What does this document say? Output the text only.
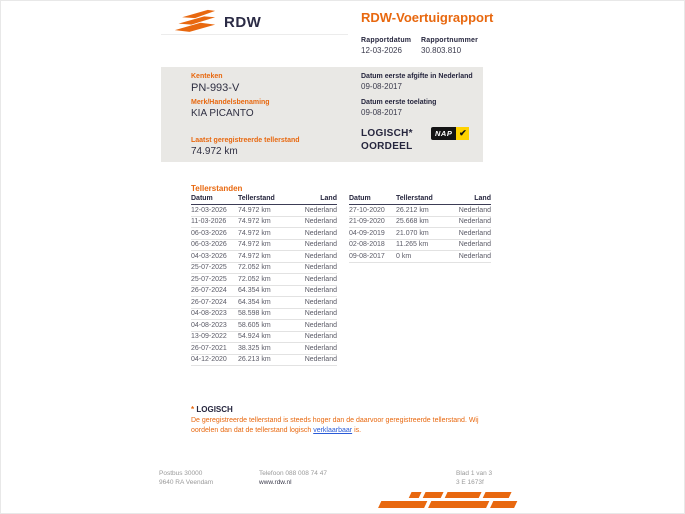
RDW	RDW-Voertuigrapport
Rapportdatum
12-03-2026
Rapportnummer
30.803.810
Kenteken
PN-993-V
Merk/Handelsbenaming
KIA PICANTO
Laatst geregistreerde tellerstand
74.972 km
Datum eerste afgifte in Nederland
09-08-2017
Datum eerste toelating
09-08-2017
LOGISCH*
OORDEEL
NAP ✔
Tellerstanden
Datum	Tellerstand	Land
12-03-2026	74.972 km	Nederland
11-03-2026	74.972 km	Nederland
06-03-2026	74.972 km	Nederland
06-03-2026	74.972 km	Nederland
04-03-2026	74.972 km	Nederland
25-07-2025	72.052 km	Nederland
25-07-2025	72.052 km	Nederland
26-07-2024	64.354 km	Nederland
26-07-2024	64.354 km	Nederland
04-08-2023	58.598 km	Nederland
04-08-2023	58.605 km	Nederland
13-09-2022	54.924 km	Nederland
26-07-2021	38.325 km	Nederland
04-12-2020	26.213 km	Nederland
Datum	Tellerstand	Land
27-10-2020	26.212 km	Nederland
21-09-2020	25.668 km	Nederland
04-09-2019	21.070 km	Nederland
02-08-2018	11.265 km	Nederland
09-08-2017	0 km	Nederland
* LOGISCH
De geregistreerde tellerstand is steeds hoger dan de daarvoor geregistreerde tellerstand. Wij oordelen dan dat de tellerstand logisch verklaarbaar is.
Postbus 30000
9640 RA Veendam
Telefoon 088 008 74 47
www.rdw.nl
Blad 1 van 3
3 E 1673f
